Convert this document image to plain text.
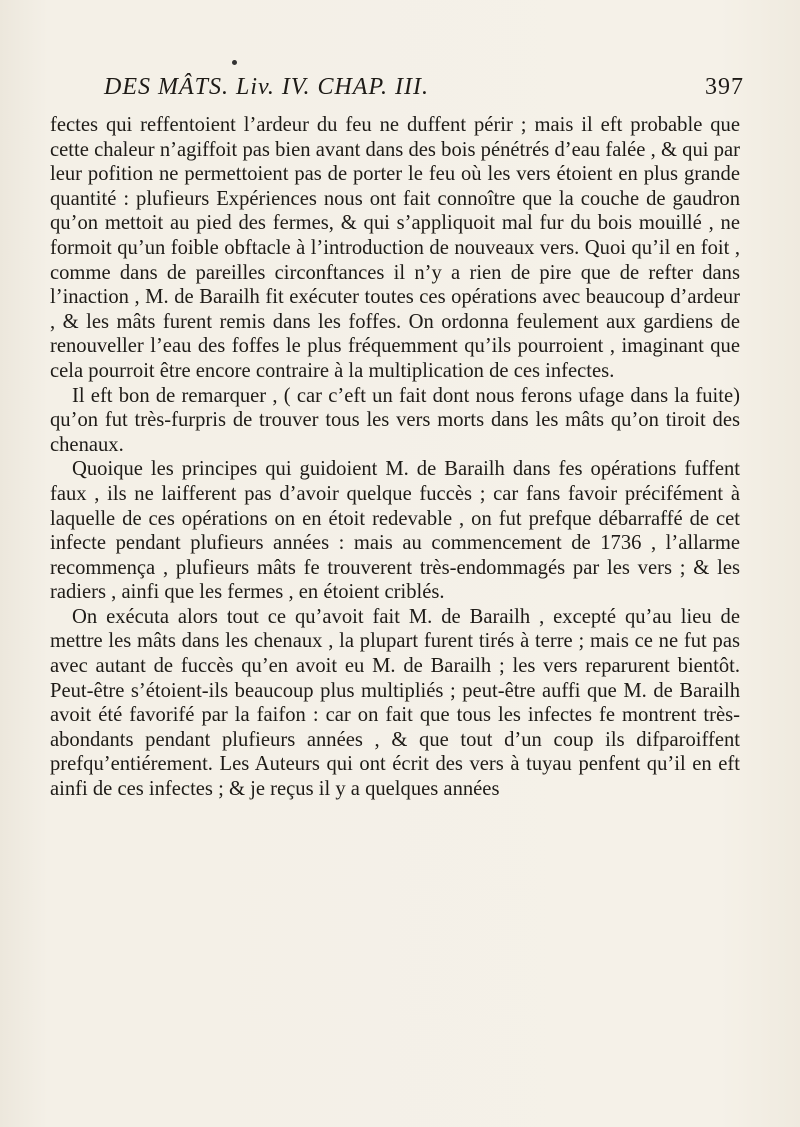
DES MÂTS. Liv. IV. CHAP. III.	397

fectes qui reffentoient l’ardeur du feu ne duffent périr ; mais il eft probable que cette chaleur n’agiffoit pas bien avant dans des bois pénétrés d’eau falée , & qui par leur pofition ne permettoient pas de porter le feu où les vers étoient en plus grande quantité : plufieurs Expériences nous ont fait connoître que la couche de gaudron qu’on mettoit au pied des fermes, & qui s’appliquoit mal fur du bois mouillé , ne formoit qu’un foible obftacle à l’introduction de nouveaux vers. Quoi qu’il en foit , comme dans de pareilles circonftances il n’y a rien de pire que de refter dans l’inaction , M. de Barailh fit exécuter toutes ces opérations avec beaucoup d’ardeur , & les mâts furent remis dans les foffes. On ordonna feulement aux gardiens de renouveller l’eau des foffes le plus fréquemment qu’ils pourroient , imaginant que cela pourroit être encore contraire à la multiplication de ces infectes.

Il eft bon de remarquer , ( car c’eft un fait dont nous ferons ufage dans la fuite) qu’on fut très-furpris de trouver tous les vers morts dans les mâts qu’on tiroit des chenaux.

Quoique les principes qui guidoient M. de Barailh dans fes opérations fuffent faux , ils ne laifferent pas d’avoir quelque fuccès ; car fans favoir précifément à laquelle de ces opérations on en étoit redevable , on fut prefque débarraffé de cet infecte pendant plufieurs années : mais au commencement de 1736 , l’allarme recommença , plufieurs mâts fe trouverent très-endommagés par les vers ; & les radiers , ainfi que les fermes , en étoient criblés.

On exécuta alors tout ce qu’avoit fait M. de Barailh , excepté qu’au lieu de mettre les mâts dans les chenaux , la plupart furent tirés à terre ; mais ce ne fut pas avec autant de fuccès qu’en avoit eu M. de Barailh ; les vers reparurent bientôt. Peut-être s’étoient-ils beaucoup plus multipliés ; peut-être auffi que M. de Barailh avoit été favorifé par la faifon : car on fait que tous les infectes fe montrent très-abondants pendant plufieurs années , & que tout d’un coup ils difparoiffent prefqu’entiérement. Les Auteurs qui ont écrit des vers à tuyau penfent qu’il en eft ainfi de ces infectes ; & je reçus il y a quelques années
